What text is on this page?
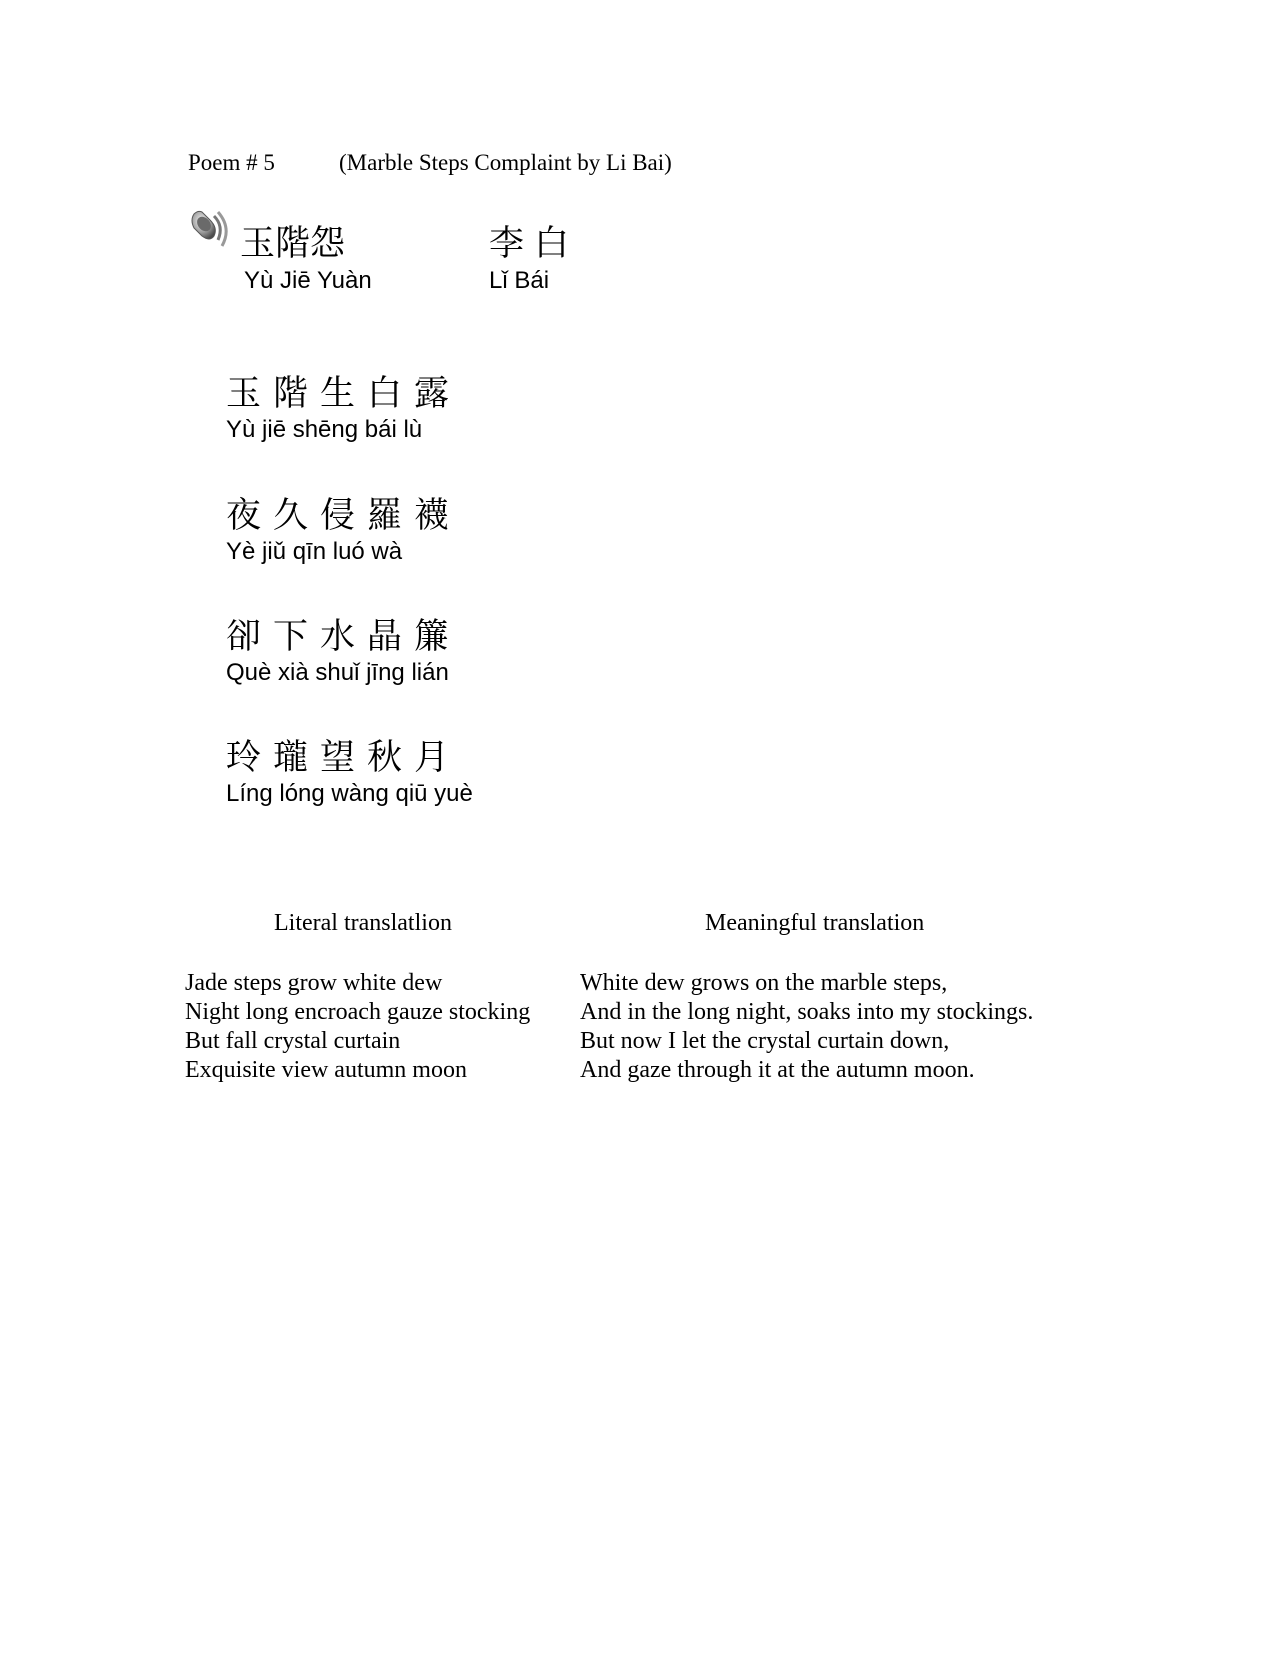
Poem # 5	(Marble Steps Complaint by Li Bai)
玉階怨
Yù Jiē Yuàn
李白
Lǐ Bái
玉階生白露
Yù jiē shēng bái lù
夜久侵羅襪
Yè jiǔ qīn luó wà
卻下水晶簾
Què xià shuǐ jīng lián
玲瓏望秋月
Líng lóng wàng qiū yuè
Literal translatlion	Meaningful translation
Jade steps grow white dew
Night long encroach gauze stocking
But fall crystal curtain
Exquisite view autumn moon
White dew grows on the marble steps,
And in the long night, soaks into my stockings.
But now I let the crystal curtain down,
And gaze through it at the autumn moon.
